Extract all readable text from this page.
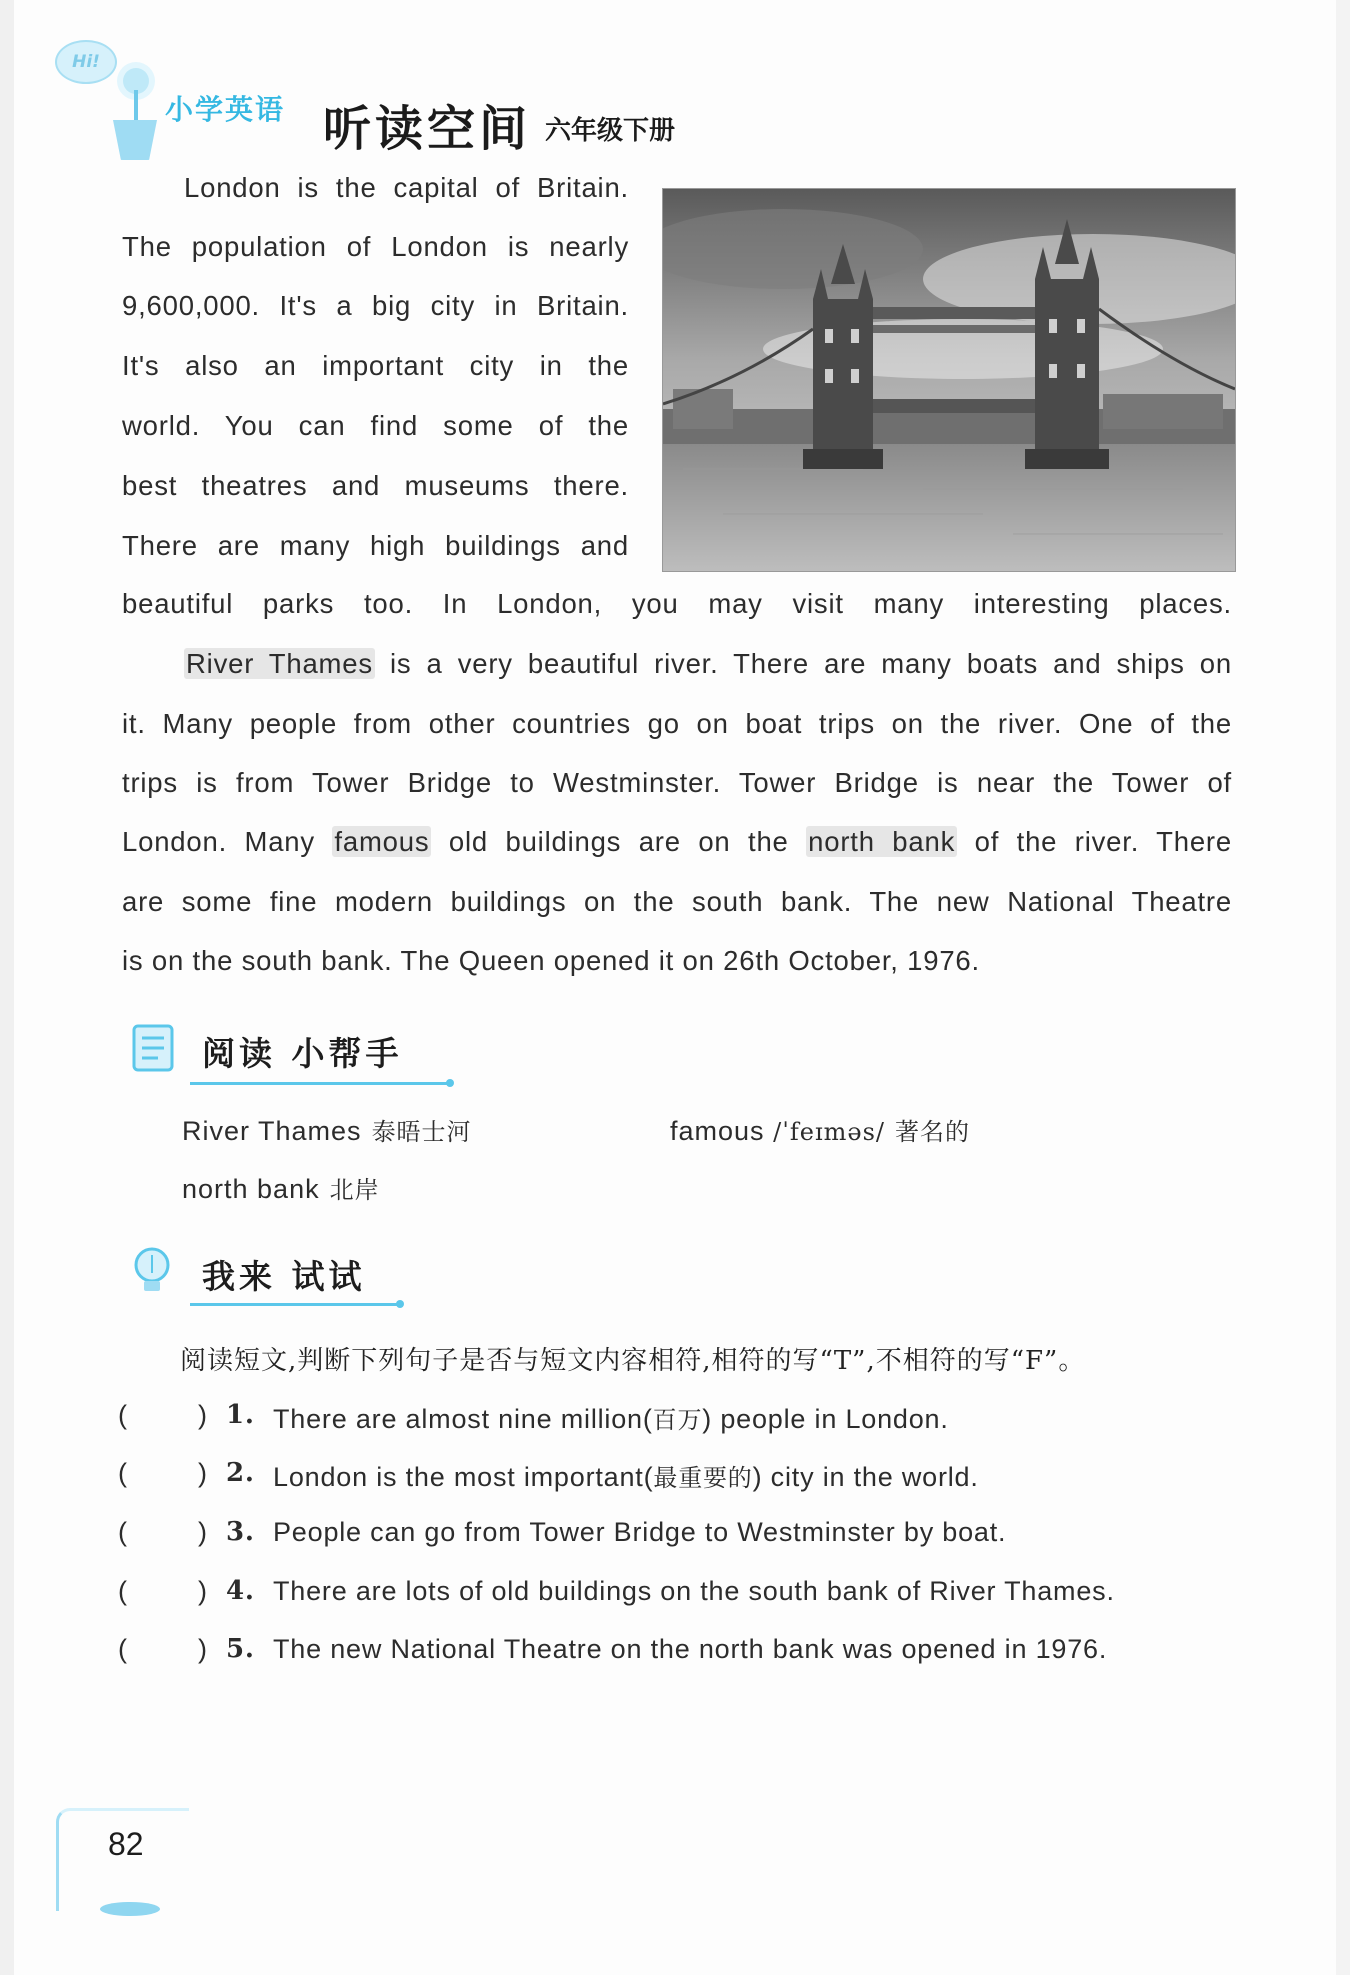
Hi!
小学英语 听读空间 六年级下册
London is the capital of Britain.
The population of London is nearly
9,600,000. It's a big city in Britain.
It's also an important city in the
world. You can find some of the
best theatres and museums there.
There are many high buildings and
beautiful parks too. In London, you may visit many interesting places.
River Thames is a very beautiful river. There are many boats and ships on
it. Many people from other countries go on boat trips on the river. One of the
trips is from Tower Bridge to Westminster. Tower Bridge is near the Tower of
London. Many famous old buildings are on the north bank of the river. There
are some fine modern buildings on the south bank. The new National Theatre
is on the south bank. The Queen opened it on 26th October, 1976.
阅读 小帮手
River Thames 泰晤士河	famous /ˈfeɪməs/ 著名的
north bank 北岸
我来 试试
阅读短文,判断下列句子是否与短文内容相符,相符的写“T”,不相符的写“F”。
(	) 1. There are almost nine million(百万) people in London.
(	) 2. London is the most important(最重要的) city in the world.
(	) 3. People can go from Tower Bridge to Westminster by boat.
(	) 4. There are lots of old buildings on the south bank of River Thames.
(	) 5. The new National Theatre on the north bank was opened in 1976.
82
